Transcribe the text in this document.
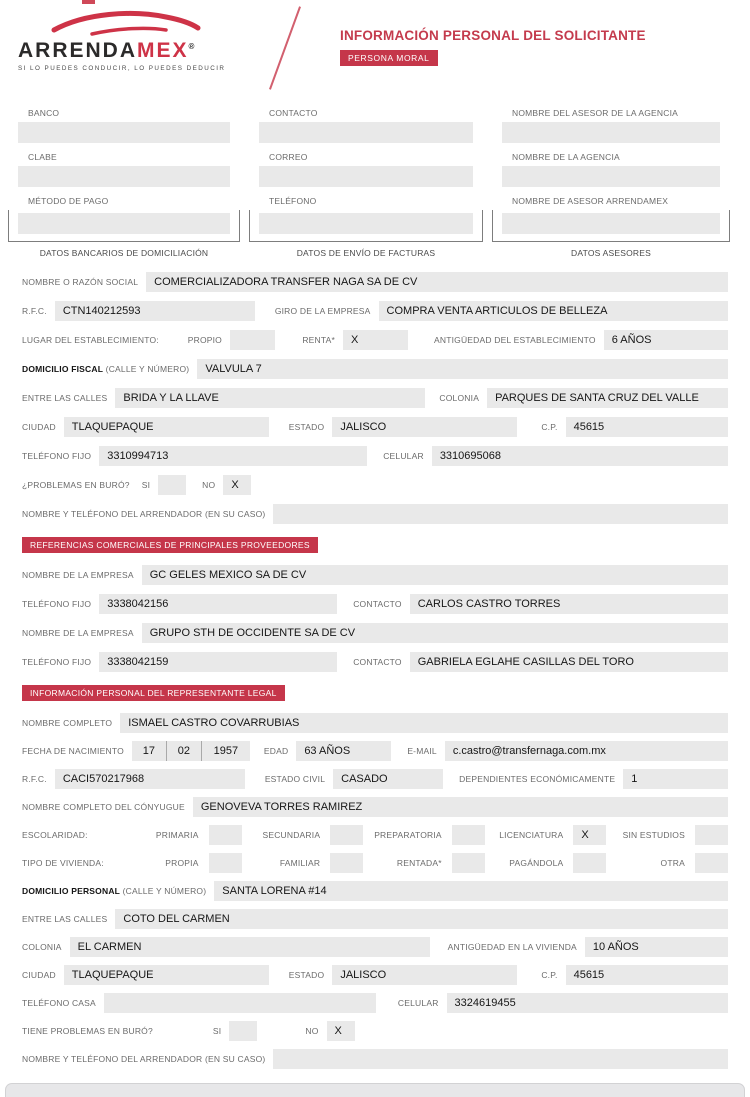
ARRENDAMEX®
SI LO PUEDES CONDUCIR, LO PUEDES DEDUCIR
INFORMACIÓN PERSONAL DEL SOLICITANTE
PERSONA MORAL
BANCO
CLABE
MÉTODO DE PAGO
DATOS BANCARIOS DE DOMICILIACIÓN
CONTACTO
CORREO
TELÉFONO
DATOS DE ENVÍO DE FACTURAS
NOMBRE DEL ASESOR DE LA AGENCIA
NOMBRE DE LA AGENCIA
NOMBRE DE ASESOR ARRENDAMEX
DATOS ASESORES
NOMBRE O RAZÓN SOCIAL	COMERCIALIZADORA TRANSFER NAGA SA DE CV
R.F.C.	CTN140212593	GIRO DE LA EMPRESA	COMPRA VENTA ARTICULOS DE BELLEZA
LUGAR DEL ESTABLECIMIENTO:	PROPIO	RENTA*	X	ANTIGÜEDAD DEL ESTABLECIMIENTO	6 AÑOS
DOMICILIO FISCAL (CALLE Y NÚMERO)	VALVULA 7
ENTRE LAS CALLES	BRIDA Y LA LLAVE	COLONIA	PARQUES DE SANTA CRUZ DEL VALLE
CIUDAD	TLAQUEPAQUE	ESTADO	JALISCO	C.P.	45615
TELÉFONO FIJO	3310994713	CELULAR	3310695068
¿PROBLEMAS EN BURÓ? SI	NO	X
NOMBRE Y TELÉFONO DEL ARRENDADOR (EN SU CASO)
REFERENCIAS COMERCIALES DE PRINCIPALES PROVEEDORES
NOMBRE DE LA EMPRESA	GC GELES MEXICO SA DE CV
TELÉFONO FIJO	3338042156	CONTACTO	CARLOS CASTRO TORRES
NOMBRE DE LA EMPRESA	GRUPO STH DE OCCIDENTE SA DE CV
TELÉFONO FIJO	3338042159	CONTACTO	GABRIELA EGLAHE CASILLAS DEL TORO
INFORMACIÓN PERSONAL DEL REPRESENTANTE LEGAL
NOMBRE COMPLETO	ISMAEL CASTRO COVARRUBIAS
FECHA DE NACIMIENTO	17	02	1957	EDAD	63 AÑOS	E-MAIL	c.castro@transfernaga.com.mx
R.F.C.	CACI570217968	ESTADO CIVIL	CASADO	DEPENDIENTES ECONÓMICAMENTE	1
NOMBRE COMPLETO DEL CÓNYUGUE	GENOVEVA TORRES RAMIREZ
ESCOLARIDAD:	PRIMARIA	SECUNDARIA	PREPARATORIA	LICENCIATURA	X	SIN ESTUDIOS
TIPO DE VIVIENDA:	PROPIA	FAMILIAR	RENTADA*	PAGÁNDOLA	OTRA
DOMICILIO PERSONAL (CALLE Y NÚMERO)	SANTA LORENA #14
ENTRE LAS CALLES	COTO DEL CARMEN
COLONIA	EL CARMEN	ANTIGÜEDAD EN LA VIVIENDA	10 AÑOS
CIUDAD	TLAQUEPAQUE	ESTADO	JALISCO	C.P.	45615
TELÉFONO CASA	CELULAR	3324619455
TIENE PROBLEMAS EN BURÓ?	SI	NO	X
NOMBRE Y TELÉFONO DEL ARRENDADOR (EN SU CASO)
